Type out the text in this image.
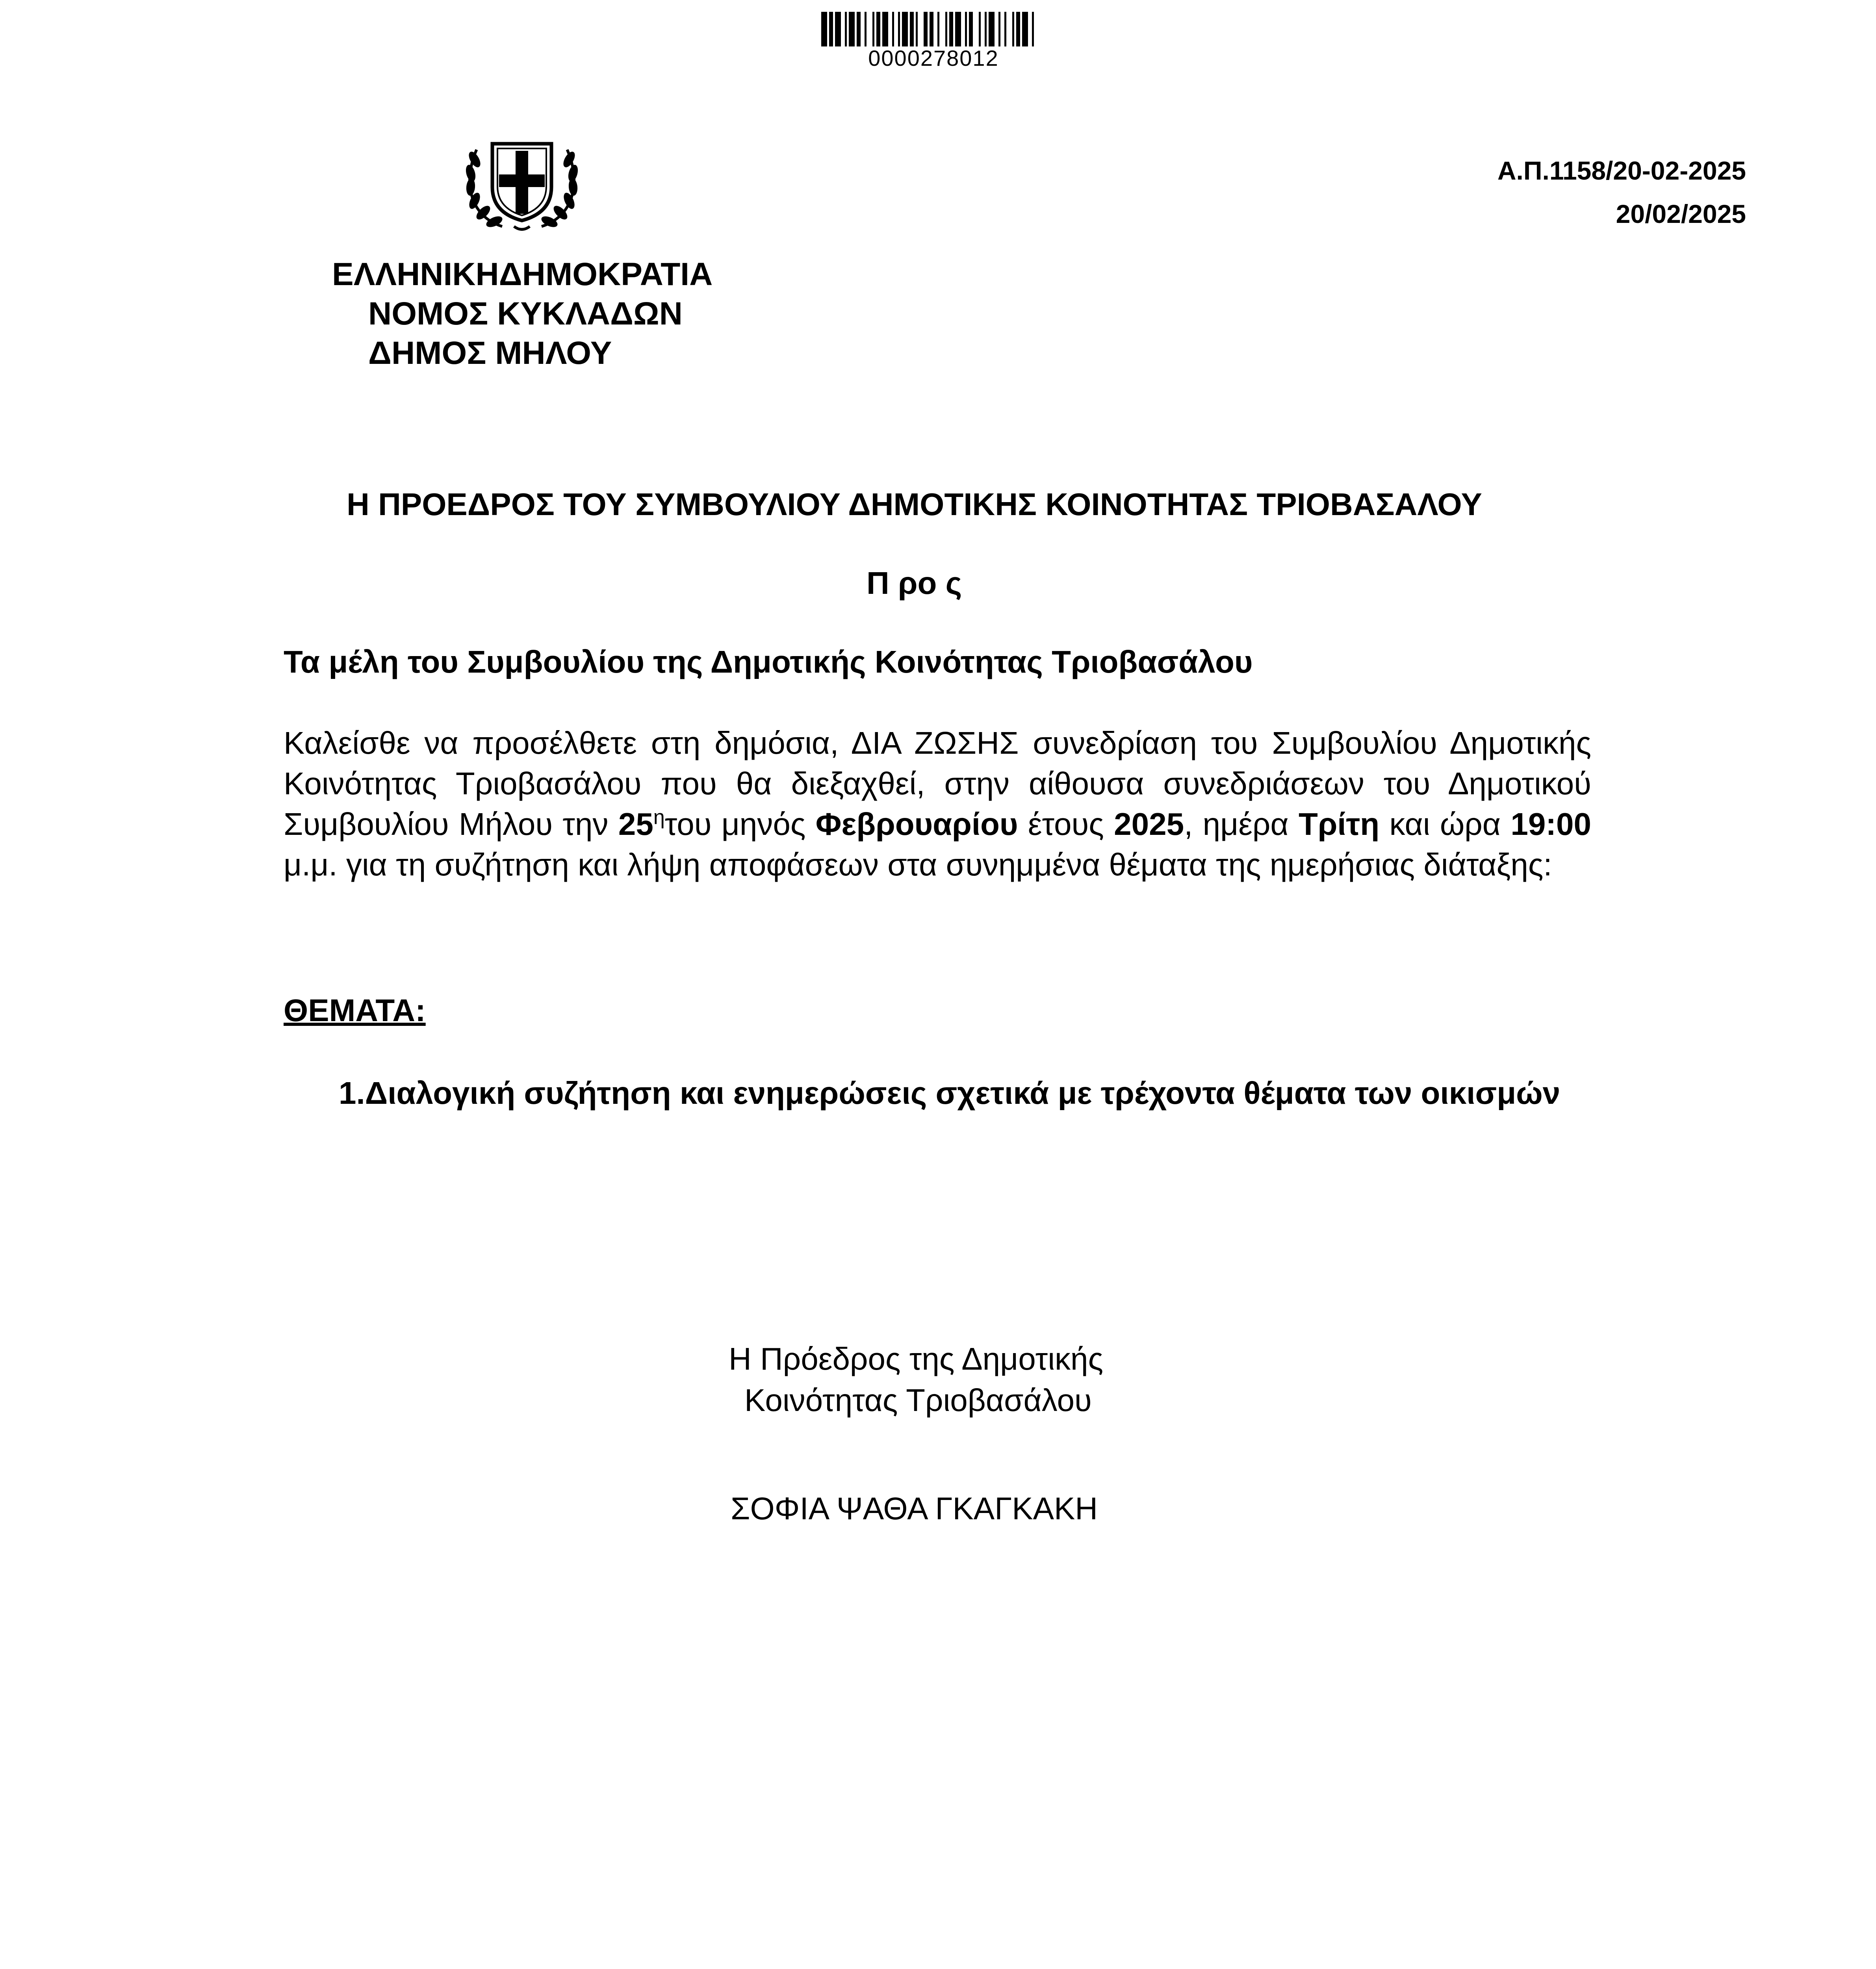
0000278012
ΕΛΛΗΝΙΚΗΔΗΜΟΚΡΑΤΙΑ
ΝΟΜΟΣ ΚΥΚΛΑΔΩΝ
ΔΗΜΟΣ ΜΗΛΟΥ
Α.Π.1158/20-02-2025
20/02/2025
Η ΠΡΟΕΔΡΟΣ ΤΟΥ ΣΥΜΒΟΥΛΙΟΥ ΔΗΜΟΤΙΚΗΣ ΚΟΙΝΟΤΗΤΑΣ ΤΡΙΟΒΑΣΑΛΟΥ
Π ρο ς
Τα μέλη του Συμβουλίου της Δημοτικής Κοινότητας Τριοβασάλου
Καλείσθε να προσέλθετε στη δημόσια, ΔΙΑ ΖΩΣΗΣ συνεδρίαση του Συμβουλίου Δημοτικής Κοινότητας Τριοβασάλου που θα διεξαχθεί, στην αίθουσα συνεδριάσεων του Δημοτικού Συμβουλίου Μήλου την $25^\eta\tau o\upsilon$ μηνός Φεβρουαρίου έτους 2025, ημέρα Τρίτη και ώρα 19:00 μ.μ. για τη συζήτηση και λήψη αποφάσεων στα συνημμένα θέματα της ημερήσιας διάταξης:
ΘΕΜΑΤΑ:
1.Διαλογική συζήτηση και ενημερώσεις σχετικά με τρέχοντα θέματα των οικισμών
Η Πρόεδρος της Δημοτικής
Κοινότητας Τριοβασάλου
ΣΟΦΙΑ ΨΑΘΑ ΓΚΑΓΚΑΚΗ
